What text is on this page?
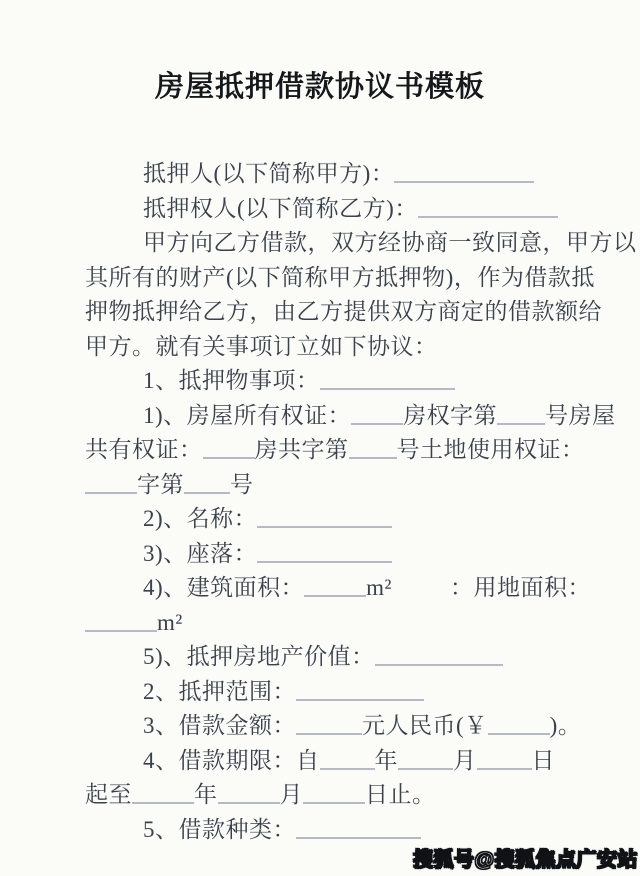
房屋抵押借款协议书模板
抵押人(以下简称甲方)：
抵押权人(以下简称乙方)：
甲方向乙方借款，双方经协商一致同意，甲方以
其所有的财产(以下简称甲方抵押物)，作为借款抵
押物抵押给乙方，由乙方提供双方商定的借款额给
甲方。就有关事项订立如下协议：
1、抵押物事项：
1)、房屋所有权证： 房权字第 号房屋
共有权证： 房共字第 号土地使用权证：
字第 号
2)、名称：
3)、座落：
4)、建筑面积：	m²	：用地面积：
m²
5)、抵押房地产价值：
2、抵押范围：
3、借款金额：	元人民币(￥	)。
4、借款期限：自 年 月 日
起至	年	月	日止。
5、借款种类：
搜狐号@搜狐焦点广安站
